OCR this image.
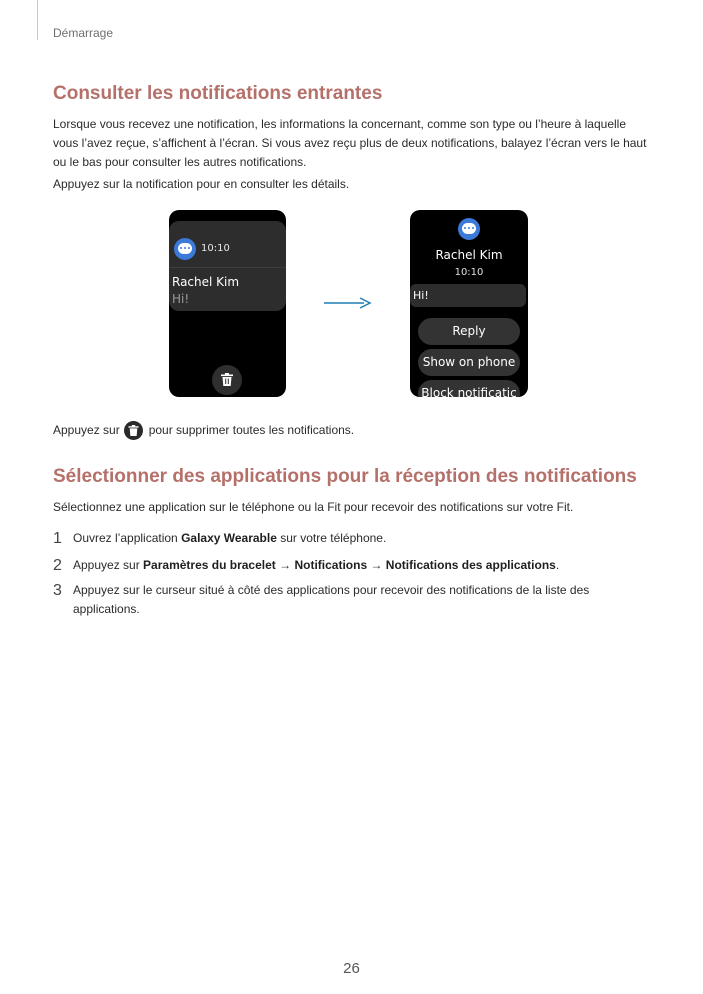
Démarrage
Consulter les notifications entrantes

Lorsque vous recevez une notification, les informations la concernant, comme son type ou l’heure à laquelle vous l’avez reçue, s’affichent à l’écran. Si vous avez reçu plus de deux notifications, balayez l’écran vers le haut ou le bas pour consulter les autres notifications.

Appuyez sur la notification pour en consulter les détails.

10:10
Rachel Kim
Hi!
Rachel Kim
10:10
Hi!
Reply
Show on phone
Block notificatic

Appuyez sur pour supprimer toutes les notifications.

Sélectionner des applications pour la réception des notifications

Sélectionnez une application sur le téléphone ou la Fit pour recevoir des notifications sur votre Fit.

1 Ouvrez l’application Galaxy Wearable sur votre téléphone.
2 Appuyez sur Paramètres du bracelet → Notifications → Notifications des applications.
3 Appuyez sur le curseur situé à côté des applications pour recevoir des notifications de la liste des applications.
26
